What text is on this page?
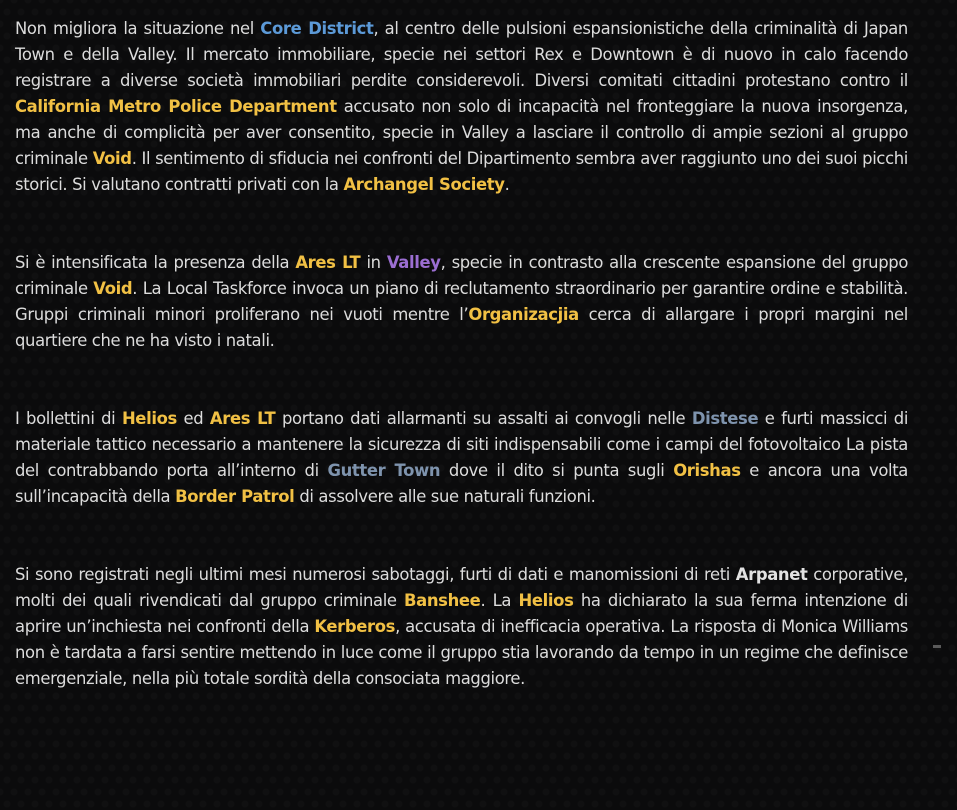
Non migliora la situazione nel Core District, al centro delle pulsioni espansionistiche della criminalità di Japan Town e della Valley. Il mercato immobiliare, specie nei settori Rex e Downtown è di nuovo in calo facendo registrare a diverse società immobiliari perdite considerevoli. Diversi comitati cittadini protestano contro il California Metro Police Department accusato non solo di incapacità nel fronteggiare la nuova insorgenza, ma anche di complicità per aver consentito, specie in Valley a lasciare il controllo di ampie sezioni al gruppo criminale Void. Il sentimento di sfiducia nei confronti del Dipartimento sembra aver raggiunto uno dei suoi picchi storici. Si valutano contratti privati con la Archangel Society.

Si è intensificata la presenza della Ares LT in Valley, specie in contrasto alla crescente espansione del gruppo criminale Void. La Local Taskforce invoca un piano di reclutamento straordinario per garantire ordine e stabilità. Gruppi criminali minori proliferano nei vuoti mentre l’Organizacjia cerca di allargare i propri margini nel quartiere che ne ha visto i natali.

I bollettini di Helios ed Ares LT portano dati allarmanti su assalti ai convogli nelle Distese e furti massicci di materiale tattico necessario a mantenere la sicurezza di siti indispensabili come i campi del fotovoltaico La pista del contrabbando porta all’interno di Gutter Town dove il dito si punta sugli Orishas e ancora una volta sull’incapacità della Border Patrol di assolvere alle sue naturali funzioni.

Si sono registrati negli ultimi mesi numerosi sabotaggi, furti di dati e manomissioni di reti Arpanet corporative, molti dei quali rivendicati dal gruppo criminale Banshee. La Helios ha dichiarato la sua ferma intenzione di aprire un’inchiesta nei confronti della Kerberos, accusata di inefficacia operativa. La risposta di Monica Williams non è tardata a farsi sentire mettendo in luce come il gruppo stia lavorando da tempo in un regime che definisce emergenziale, nella più totale sordità della consociata maggiore.
